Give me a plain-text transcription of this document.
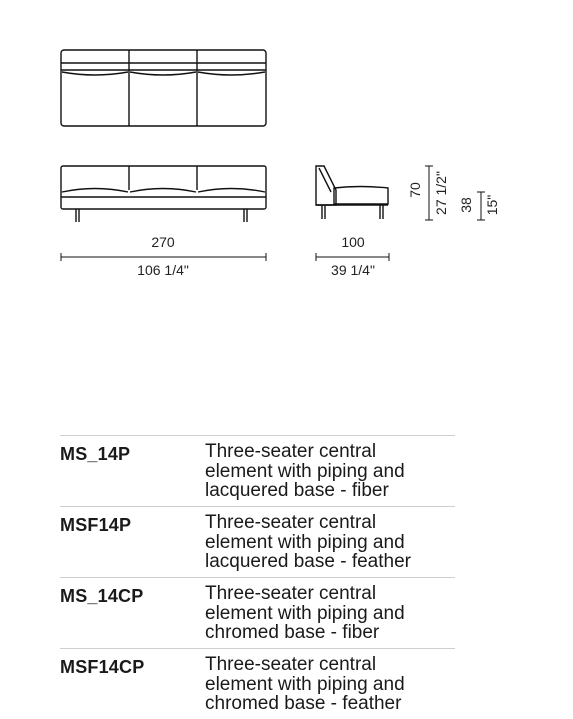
270
106 1/4"
100
39 1/4"
70 27 1/2" 38 15"
MS_14P	Three-seater central
element with piping and
lacquered base - fiber
MSF14P	Three-seater central
element with piping and
lacquered base - feather
MS_14CP	Three-seater central
element with piping and
chromed base - fiber
MSF14CP	Three-seater central
element with piping and
chromed base - feather
